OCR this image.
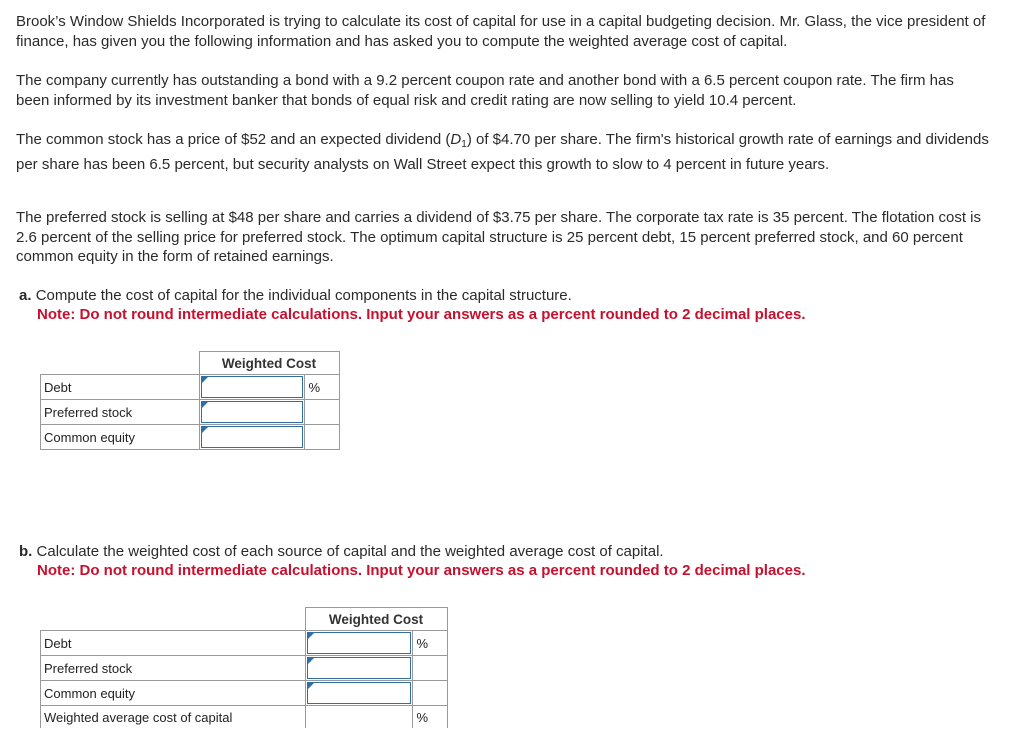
Brook’s Window Shields Incorporated is trying to calculate its cost of capital for use in a capital budgeting decision. Mr. Glass, the vice president of finance, has given you the following information and has asked you to compute the weighted average cost of capital.

The company currently has outstanding a bond with a 9.2 percent coupon rate and another bond with a 6.5 percent coupon rate. The firm has been informed by its investment banker that bonds of equal risk and credit rating are now selling to yield 10.4 percent.

The common stock has a price of $52 and an expected dividend $(D_1)$ of $4.70 per share. The firm's historical growth rate of earnings and dividends per share has been 6.5 percent, but security analysts on Wall Street expect this growth to slow to 4 percent in future years.

The preferred stock is selling at $48 per share and carries a dividend of $3.75 per share. The corporate tax rate is 35 percent. The flotation cost is 2.6 percent of the selling price for preferred stock. The optimum capital structure is 25 percent debt, 15 percent preferred stock, and 60 percent common equity in the form of retained earnings.

a. Compute the cost of capital for the individual components in the capital structure.

Note: Do not round intermediate calculations. Input your answers as a percent rounded to 2 decimal places.

	Weighted Cost	
Debt		%
Preferred stock	

Common equity	

b. Calculate the weighted cost of each source of capital and the weighted average cost of capital.

Note: Do not round intermediate calculations. Input your answers as a percent rounded to 2 decimal places.

	Weighted Cost	
Debt		%
Preferred stock	

Common equity	

Weighted average cost of capital		%
